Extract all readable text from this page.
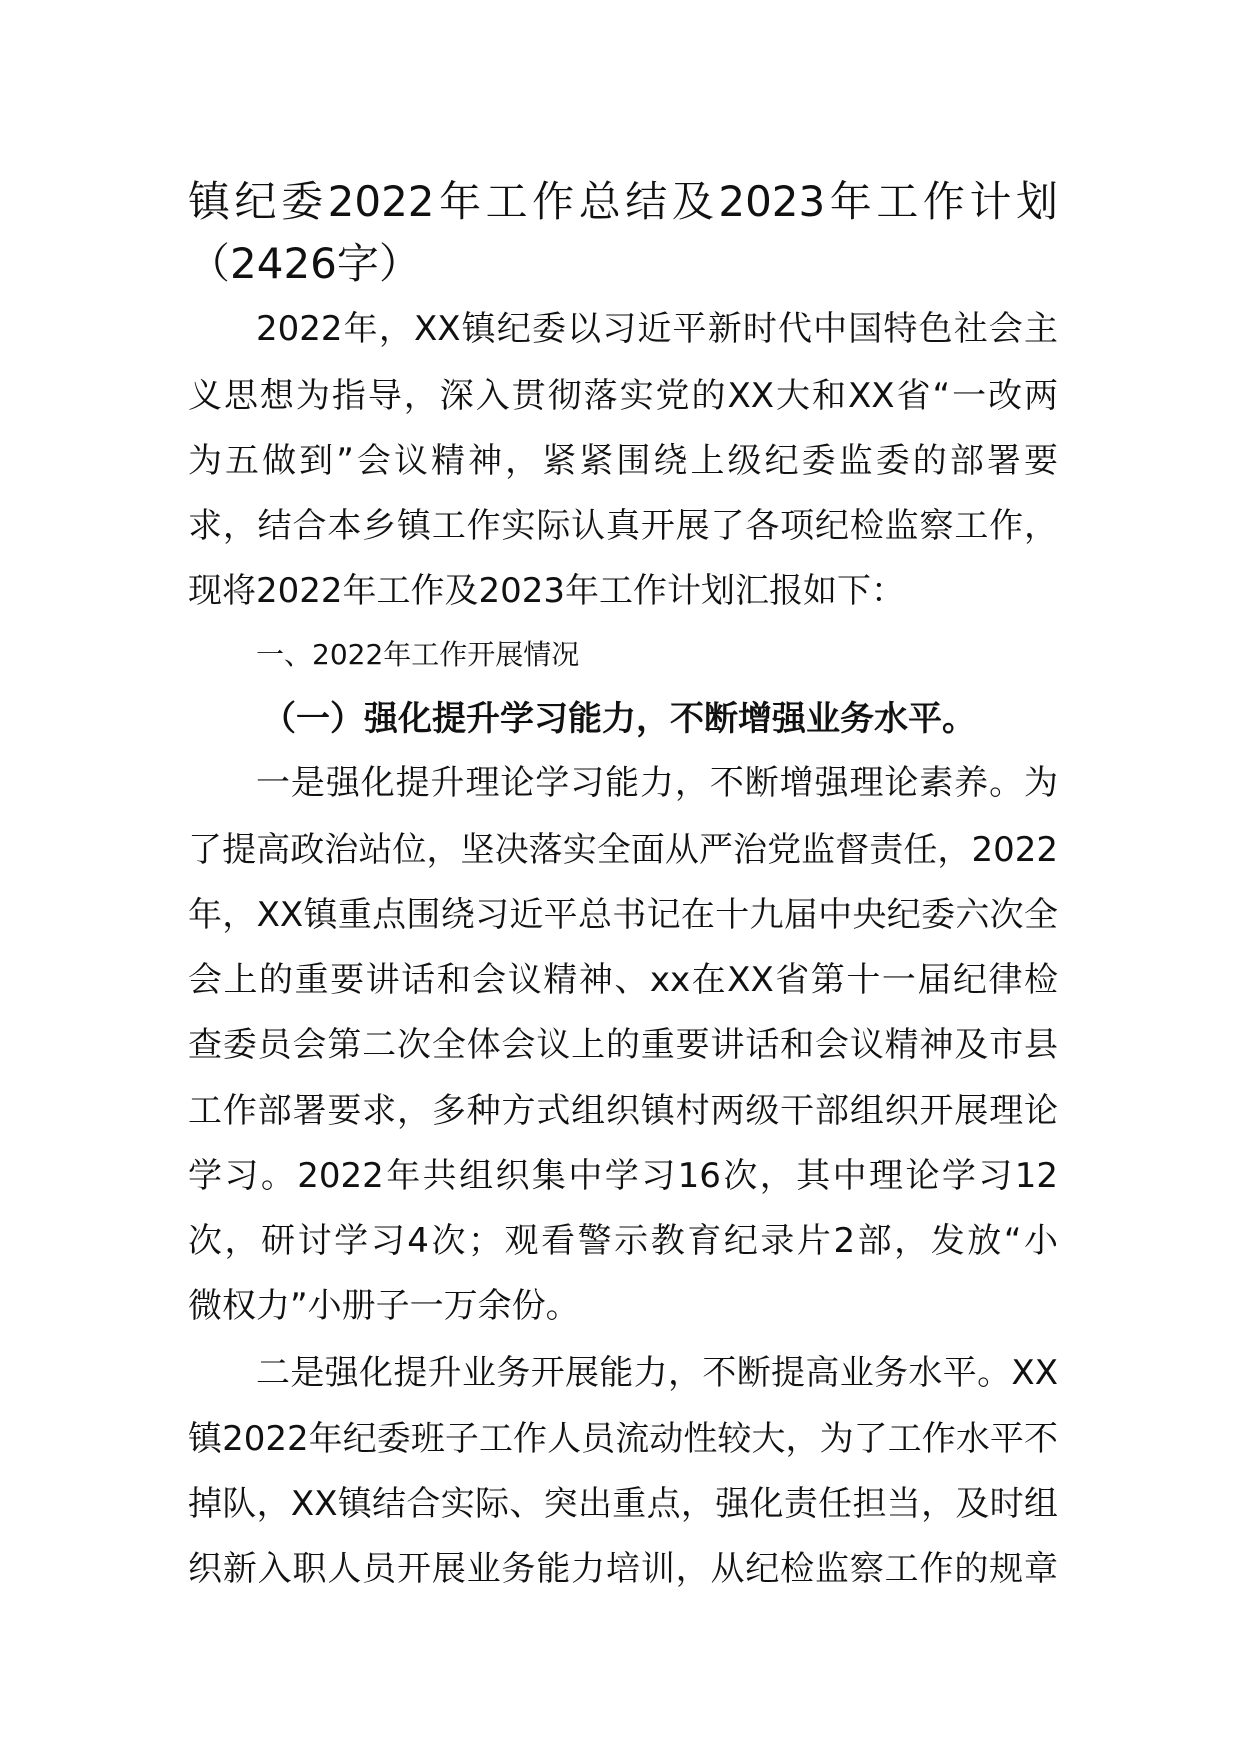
镇纪委2022年工作总结及2023年工作计划
（2426字）
2022年，XX镇纪委以习近平新时代中国特色社会主
义思想为指导，深入贯彻落实党的XX大和XX省“一改两
为五做到”会议精神，紧紧围绕上级纪委监委的部署要
求，结合本乡镇工作实际认真开展了各项纪检监察工作，
现将2022年工作及2023年工作计划汇报如下：
一、2022年工作开展情况
（一）强化提升学习能力，不断增强业务水平。
一是强化提升理论学习能力，不断增强理论素养。为
了提高政治站位，坚决落实全面从严治党监督责任，2022
年，XX镇重点围绕习近平总书记在十九届中央纪委六次全
会上的重要讲话和会议精神、xx在XX省第十一届纪律检
查委员会第二次全体会议上的重要讲话和会议精神及市县
工作部署要求，多种方式组织镇村两级干部组织开展理论
学习。2022年共组织集中学习16次，其中理论学习12
次，研讨学习4次；观看警示教育纪录片2部，发放“小
微权力”小册子一万余份。
二是强化提升业务开展能力，不断提高业务水平。XX
镇2022年纪委班子工作人员流动性较大，为了工作水平不
掉队，XX镇结合实际、突出重点，强化责任担当，及时组
织新入职人员开展业务能力培训，从纪检监察工作的规章
